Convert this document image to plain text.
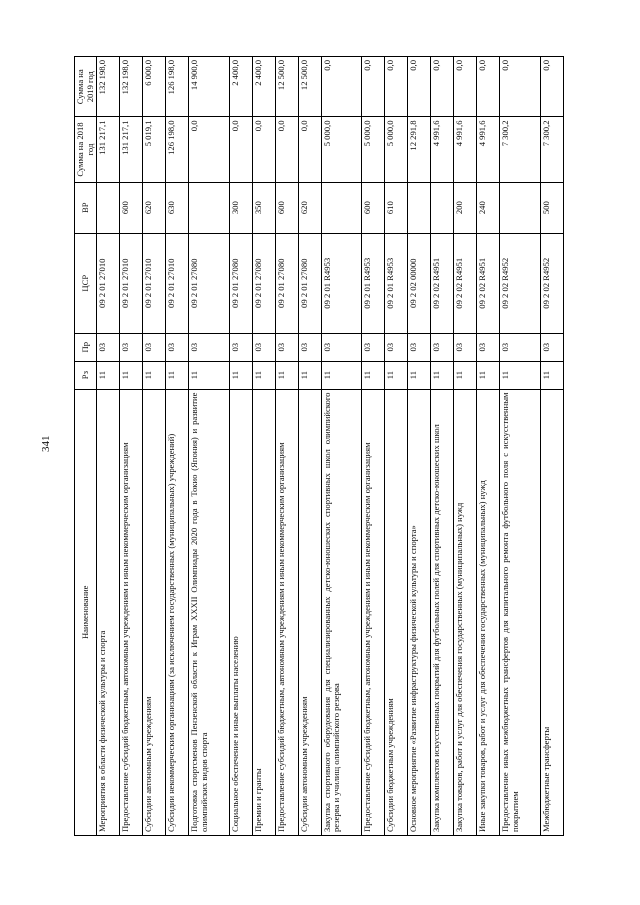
341
Наименование	Рз	Пр	ЦСР	ВР	Сумма на 2018 год	Сумма на 2019 год
Мероприятия в области физической культуры и спорта	11	03	09 2 01 27010		131 217,1	132 198,0
Предоставление субсидий бюджетным, автономным учреждениям и иным некоммерческим организациям	11	03	09 2 01 27010	600	131 217,1	132 198,0
Субсидии автономным учреждениям	11	03	09 2 01 27010	620	5 019,1	6 000,0
Субсидии некоммерческим организациям (за исключением государственных (муниципальных) учреждений)	11	03	09 2 01 27010	630	126 198,0	126 198,0
Подготовка спортсменов Пензенской области к Играм XXXII Олимпиады 2020 года в Токио (Япония) и развитие олимпийских видов спорта	11	03	09 2 01 27080		0,0	14 900,0
Социальное обеспечение и иные выплаты населению	11	03	09 2 01 27080	300	0,0	2 400,0
Премии и гранты	11	03	09 2 01 27080	350	0,0	2 400,0
Предоставление субсидий бюджетным, автономным учреждениям и иным некоммерческим организациям	11	03	09 2 01 27080	600	0,0	12 500,0
Субсидии автономным учреждениям	11	03	09 2 01 27080	620	0,0	12 500,0
Закупка спортивного оборудования для специализированных детско-юношеских спортивных школ олимпийского резерва и училищ олимпийского резерва	11	03	09 2 01 R4953		5 000,0	0,0
Предоставление субсидий бюджетным, автономным учреждениям и иным некоммерческим организациям	11	03	09 2 01 R4953	600	5 000,0	0,0
Субсидии бюджетным учреждениям	11	03	09 2 01 R4953	610	5 000,0	0,0
Основное мероприятие «Развитие инфраструктуры физической культуры и спорта»	11	03	09 2 02 00000		12 291,8	0,0
Закупка комплектов искусственных покрытий для футбольных полей для спортивных детско-юношеских школ	11	03	09 2 02 R4951		4 991,6	0,0
Закупка товаров, работ и услуг для обеспечения государственных (муниципальных) нужд	11	03	09 2 02 R4951	200	4 991,6	0,0
Иные закупки товаров, работ и услуг для обеспечения государственных (муниципальных) нужд	11	03	09 2 02 R4951	240	4 991,6	0,0
Предоставление иных межбюджетных трансфертов для капитального ремонта футбольного поля с искусственным покрытием	11	03	09 2 02 R4952		7 300,2	0,0
Межбюджетные трансферты	11	03	09 2 02 R4952	500	7 300,2	0,0
